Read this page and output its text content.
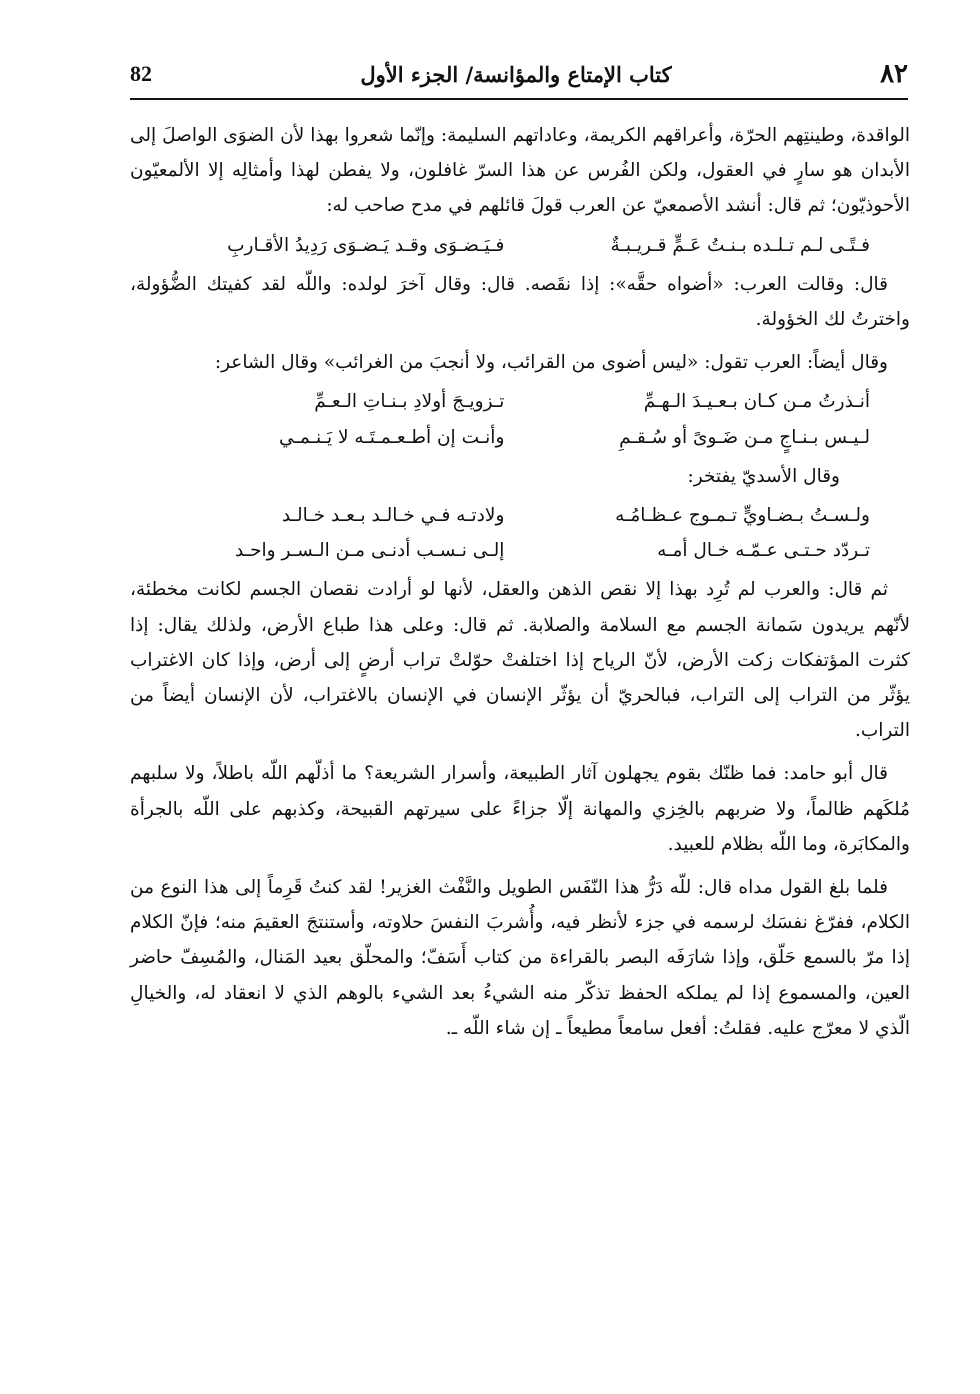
٨٢
كتاب الإمتاع والمؤانسة/ الجزء الأول
82

الواقدة، وطينتِهم الحرّة، وأعراقهم الكريمة، وعاداتهم السليمة: وإنّما شعروا بهذا لأن الضوَى الواصلَ إلى الأبدان هو سارٍ في العقول، ولكن الفُرس عن هذا السرّ غافلون، ولا يفطن لهذا وأمثالِه إلا الألمعيّون الأحوذيّون؛ ثم قال: أنشد الأصمعيّ عن العرب قولَ قائلهم في مدح صاحب له:

فـتًـى لـم تـلـده بـنـتُ عَـمٍّ قـريـبـةٌ
فـيَـضـوَى وقـد يَـضـوَى رَدِيدُ الأقـاربِ

قال: وقالت العرب: «أضواه حقَّه»: إذا نقَصه. قال: وقال آخرَ لولده: واللّه لقد كفيتك الضُّؤولة، واخترتُ لك الخؤولة.

وقال أيضاً: العرب تقول: «ليس أضوى من القرائب، ولا أنجبَ من الغرائب» وقال الشاعر:

أنـذرتُ مـن كـان بـعـيـدَ الـهـمِّ
تـزويـجَ أولادِ بـنـاتِ الـعـمِّ
لـيـس بـنـاجٍ مـن ضَـوىً أو سُـقـمِ
وأنـت إن أطـعـمـتَـه لا يَـنـمـي
وقال الأسديّ يفتخر:
ولـسـتُ بـضـاويٍّ تـمـوج عـظـامُـه
ولادتـه فـي خـالـد بـعـد خـالـد
تـردّد حـتـى عـمّـه خـال أمـه
إلـى نـسـب أدنـى مـن الـسـر واحـد

ثم قال: والعرب لم تُرِد بهذا إلا نقص الذهن والعقل، لأنها لو أرادت نقصان الجسم لكانت مخطئة، لأنّهم يريدون سَمانة الجسم مع السلامة والصلابة. ثم قال: وعلى هذا طباع الأرض، ولذلك يقال: إذا كثرت المؤتفكات زكت الأرض، لأنّ الرياح إذا اختلفتْ حوّلتْ تراب أرضٍ إلى أرض، وإذا كان الاغتراب يؤثّر من التراب إلى التراب، فبالحريّ أن يؤثّر الإنسان في الإنسان بالاغتراب، لأن الإنسان أيضاً من التراب.

قال أبو حامد: فما ظنّك بقوم يجهلون آثار الطبيعة، وأسرار الشريعة؟ ما أذلّهم اللّه باطلاً، ولا سلبهم مُلكَهم ظالماً، ولا ضربهم بالخِزي والمهانة إلّا جزاءً على سيرتهم القبيحة، وكذبهم على اللّه بالجرأة والمكابَرة، وما اللّه بظلام للعبيد.

فلما بلغ القول مداه قال: للّه دَرُّ هذا النّفَس الطويل والنَّفْث الغزير! لقد كنتُ قَرِماً إلى هذا النوع من الكلام، ففرّغ نفسَك لرسمه في جزء لأنظر فيه، وأُشربَ النفسَ حلاوته، وأستنتجَ العقيمَ منه؛ فإنّ الكلام إذا مرّ بالسمع حَلّق، وإذا شارَفَه البصر بالقراءة من كتاب أَسَفّ؛ والمحلّق بعيد المَنال، والمُسِفّ حاضر العين، والمسموع إذا لم يملكه الحفظ تذكّر منه الشيءُ بعد الشيء بالوهم الذي لا انعقاد له، والخيالِ الّذي لا معرّج عليه. فقلتُ: أفعل سامعاً مطيعاً ـ إن شاء اللّه ـ.
